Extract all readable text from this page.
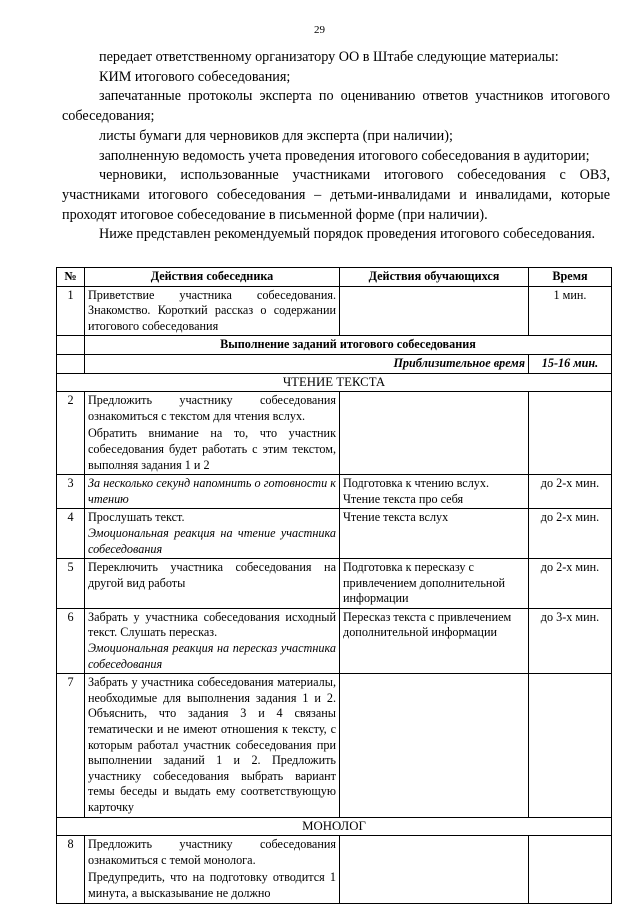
29

передает ответственному организатору ОО в Штабе следующие материалы:

КИМ итогового собеседования;

запечатанные протоколы эксперта по оцениванию ответов участников итогового собеседования;

листы бумаги для черновиков для эксперта (при наличии);

заполненную ведомость учета проведения итогового собеседования в аудитории;

черновики, использованные участниками итогового собеседования с ОВЗ, участниками итогового собеседования – детьми-инвалидами и инвалидами, которые проходят итоговое собеседование в письменной форме (при наличии).

Ниже представлен рекомендуемый порядок проведения итогового собеседования.

№	Действия собеседника	Действия обучающихся	Время
1	Приветствие участника собеседования. Знакомство. Короткий рассказ о содержании итогового собеседования		1 мин.
	Выполнение заданий итогового собеседования		
	Приблизительное время		15-16 мин.
ЧТЕНИЕ ТЕКСТА			
2	Предложить участнику собеседования ознакомиться с текстом для чтения вслух.
Обратить внимание на то, что участник собеседования будет работать с этим текстом, выполняя задания 1 и 2		

3	За несколько секунд напомнить о готовности к чтению	Подготовка к чтению вслух. Чтение текста про себя	до 2-х мин.
4	Прослушать текст.
Эмоциональная реакция на чтение участника собеседования	Чтение текста вслух	до 2-х мин.
5	Переключить участника собеседования на другой вид работы	Подготовка к пересказу с привлечением дополнительной информации	до 2-х мин.
6	Забрать у участника собеседования исходный текст. Слушать пересказ.
Эмоциональная реакция на пересказ участника собеседования	Пересказ текста с привлечением дополнительной информации	до 3-х мин.
7	Забрать у участника собеседования материалы, необходимые для выполнения задания 1 и 2. Объяснить, что задания 3 и 4 связаны тематически и не имеют отношения к тексту, с которым работал участник собеседования при выполнении заданий 1 и 2. Предложить участнику собеседования выбрать вариант темы беседы и выдать ему соответствующую карточку		
МОНОЛОГ			
8	Предложить участнику собеседования ознакомиться с темой монолога.
Предупредить, что на подготовку отводится 1 минута, а высказывание не должно		
